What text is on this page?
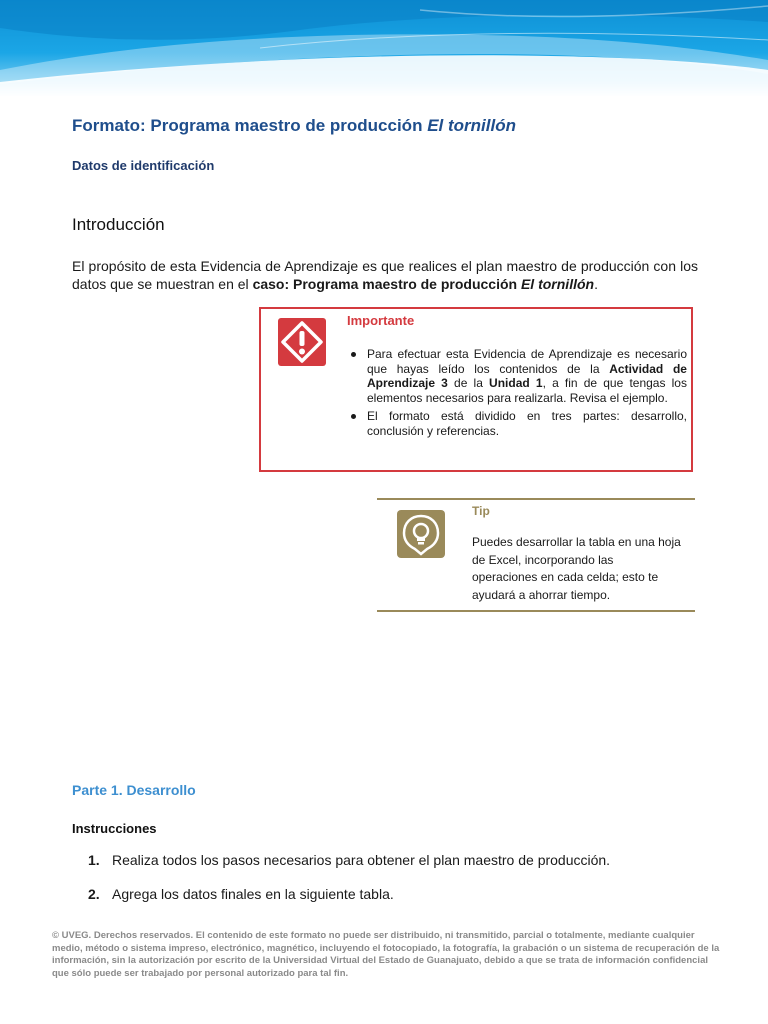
Formato: Programa maestro de producción El tornillón
Datos de identificación
Introducción

El propósito de esta Evidencia de Aprendizaje es que realices el plan maestro de producción con los datos que se muestran en el caso: Programa maestro de producción El tornillón.

Importante
Para efectuar esta Evidencia de Aprendizaje es necesario que hayas leído los contenidos de la Actividad de Aprendizaje 3 de la Unidad 1, a fin de que tengas los elementos necesarios para realizarla. Revisa el ejemplo.
El formato está dividido en tres partes: desarrollo, conclusión y referencias.
Tip

Puedes desarrollar la tabla en una hoja de Excel, incorporando las operaciones en cada celda; esto te ayudará a ahorrar tiempo.

Parte 1. Desarrollo
Instrucciones
1. Realiza todos los pasos necesarios para obtener el plan maestro de producción.
2. Agrega los datos finales en la siguiente tabla.

© UVEG. Derechos reservados. El contenido de este formato no puede ser distribuido, ni transmitido, parcial o totalmente, mediante cualquier medio, método o sistema impreso, electrónico, magnético, incluyendo el fotocopiado, la fotografía, la grabación o un sistema de recuperación de la información, sin la autorización por escrito de la Universidad Virtual del Estado de Guanajuato, debido a que se trata de información confidencial que sólo puede ser trabajado por personal autorizado para tal fin.
